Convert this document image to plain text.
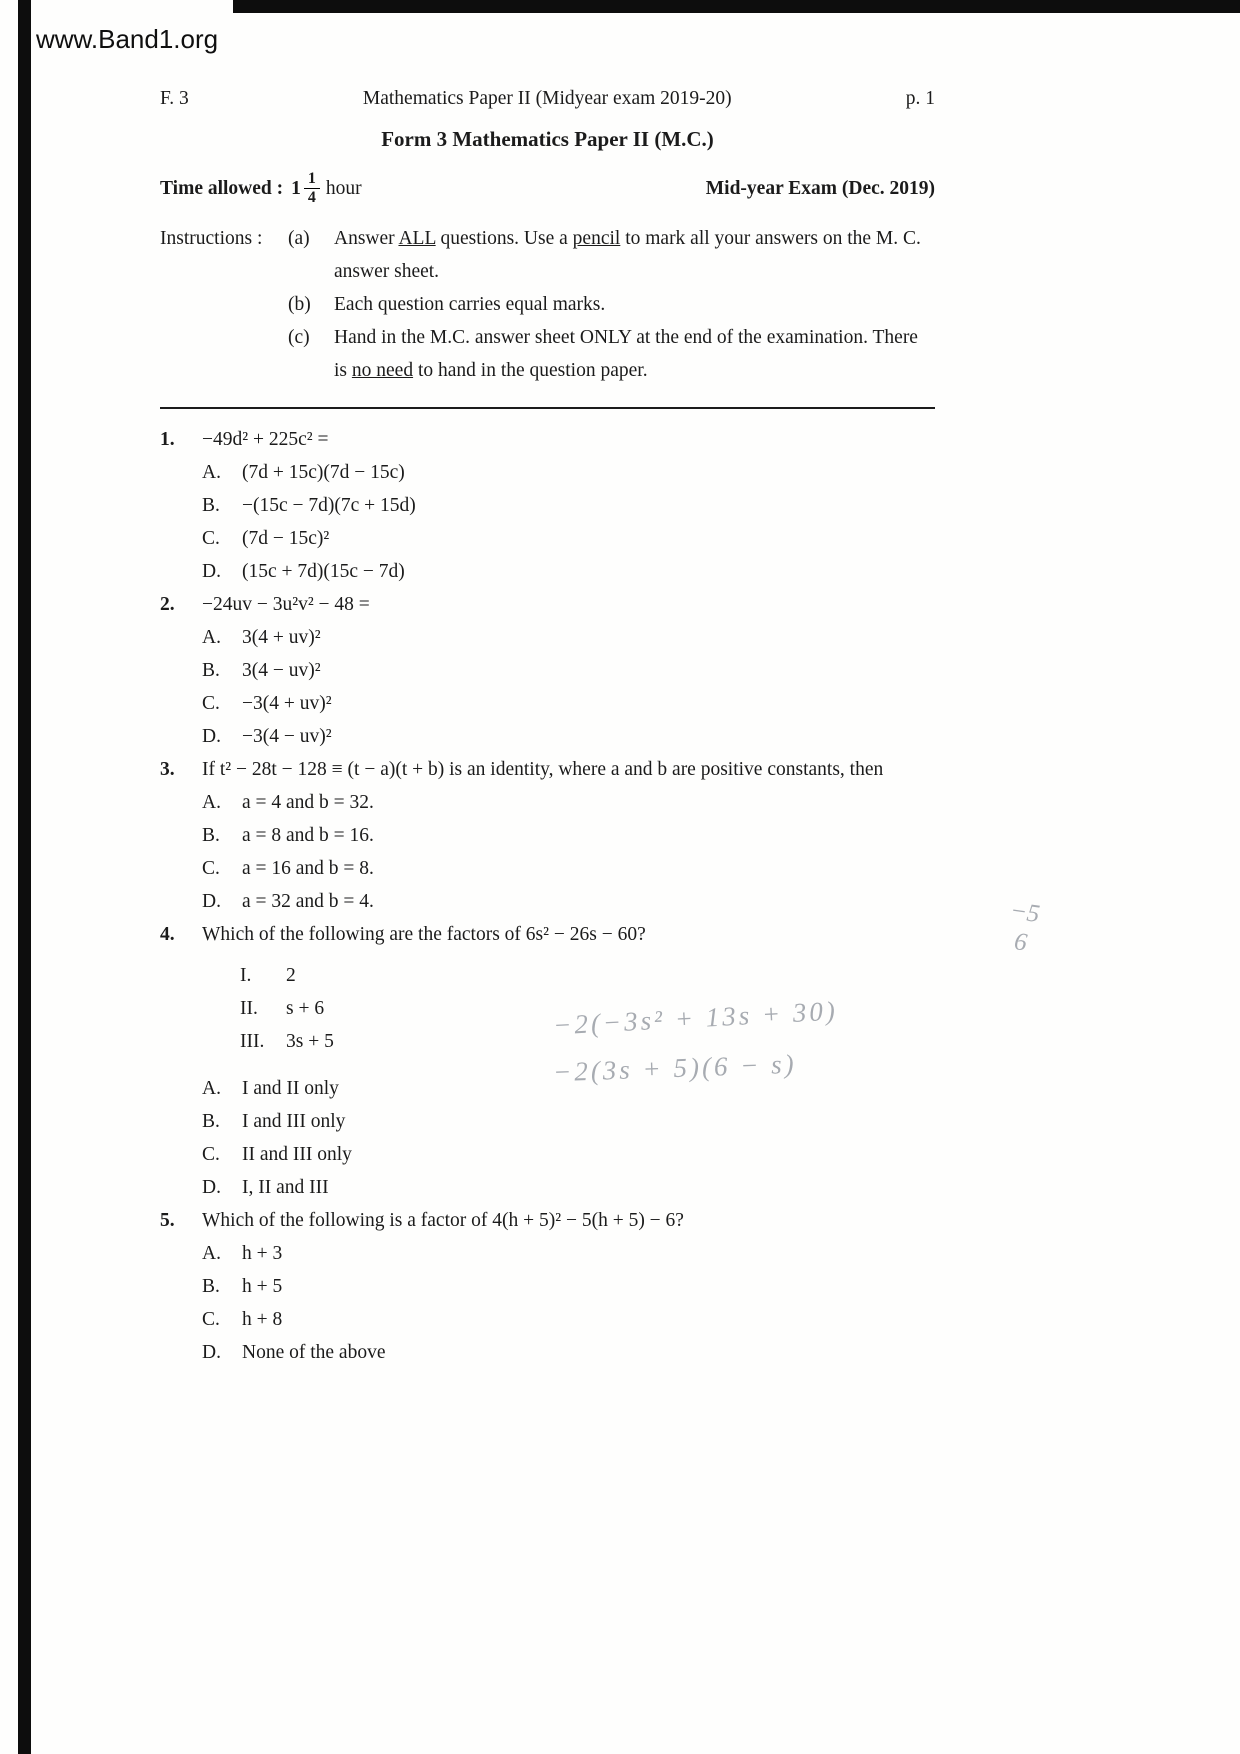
www.Band1.org
F. 3	Mathematics Paper II (Midyear exam 2019-20)	p. 1
Form 3 Mathematics Paper II (M.C.)
Time allowed : $1 \frac{1}{4}$ hour	Mid-year Exam (Dec. 2019)
Instructions :	(a)	Answer ALL questions. Use a pencil to mark all your answers on the M. C. answer sheet.
(b)	Each question carries equal marks.
(c)	Hand in the M.C. answer sheet ONLY at the end of the examination. There is no need to hand in the question paper.
1.	−49d² + 225c² =
A.	(7d + 15c)(7d − 15c)
B.	−(15c − 7d)(7c + 15d)
C.	(7d − 15c)²
D.	(15c + 7d)(15c − 7d)
2.	−24uv − 3u²v² − 48 =
A.	3(4 + uv)²
B.	3(4 − uv)²
C.	−3(4 + uv)²
D.	−3(4 − uv)²
3.	If t² − 28t − 128 ≡ (t − a)(t + b) is an identity, where a and b are positive constants, then
A.	a = 4 and b = 32.
B.	a = 8 and b = 16.
C.	a = 16 and b = 8.
D.	a = 32 and b = 4.
4.	Which of the following are the factors of 6s² − 26s − 60?
I.	2
II.	s + 6
III.	3s + 5
A.	I and II only
B.	I and III only
C.	II and III only
D.	I, II and III
5.	Which of the following is a factor of 4(h + 5)² − 5(h + 5) − 6?
A.	h + 3
B.	h + 5
C.	h + 8
D.	None of the above
−2(−3s² + 13s + 30)
−2(3s + 5)(6 − s)
−5
6
